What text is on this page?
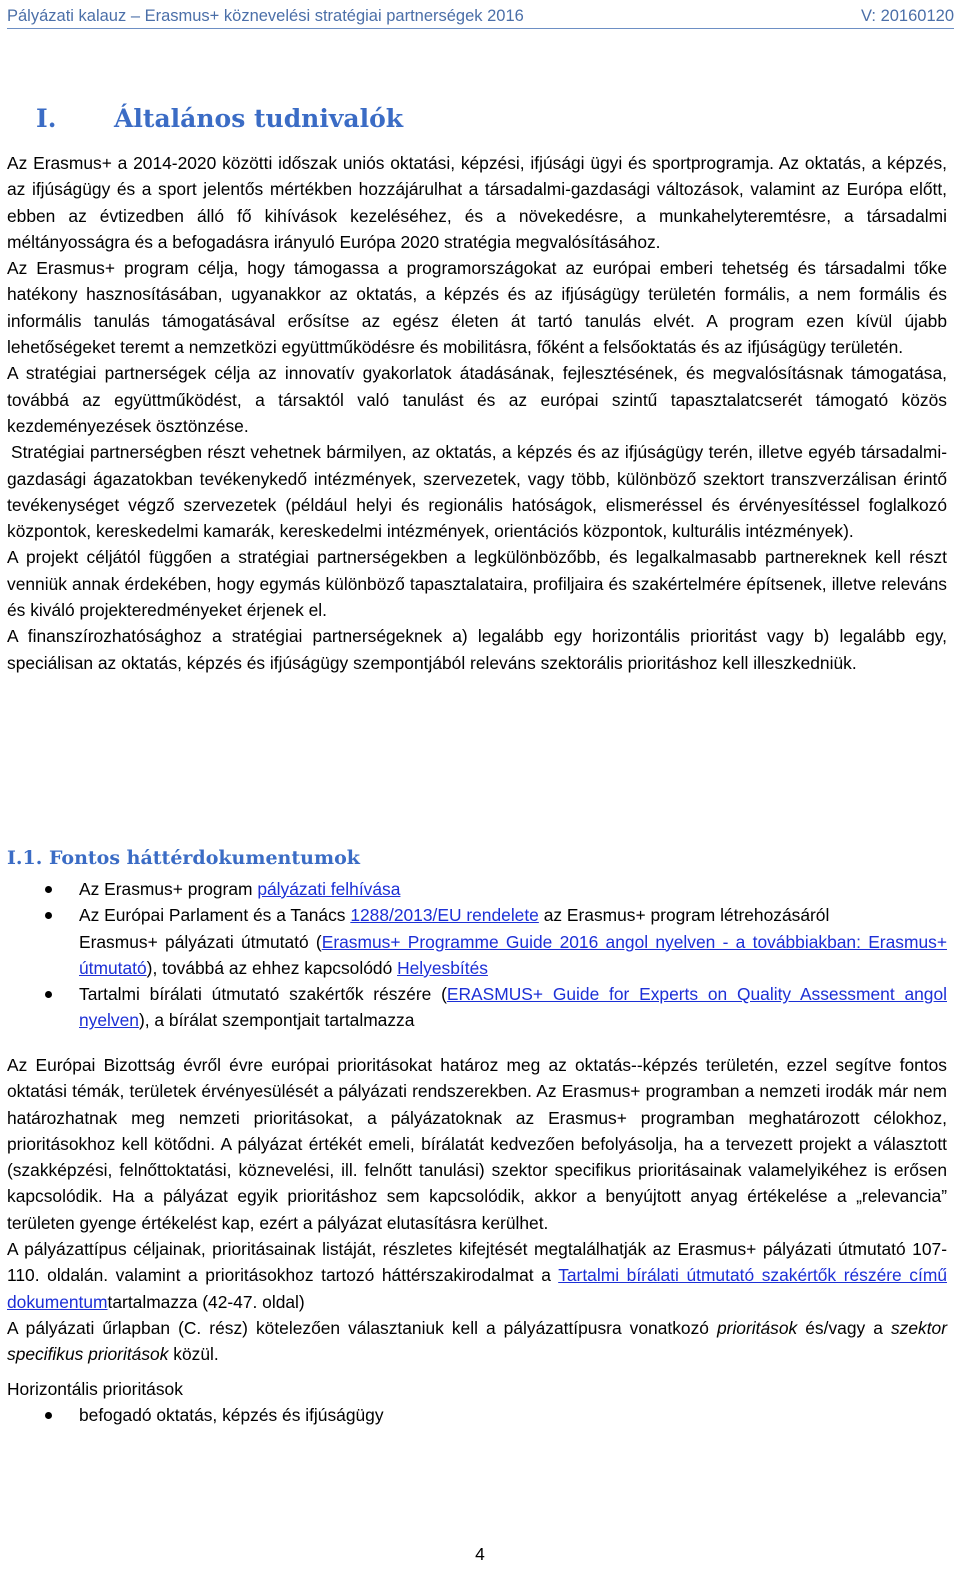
Pályázati kalauz – Erasmus+ köznevelési stratégiai partnerségek 2016	V: 20160120
I.	Általános tudnivalók

Az Erasmus+ a 2014-2020 közötti időszak uniós oktatási, képzési, ifjúsági ügyi és sportprogramja. Az oktatás, a képzés, az ifjúságügy és a sport jelentős mértékben hozzájárulhat a társadalmi-gazdasági változások, valamint az Európa előtt, ebben az évtizedben álló fő kihívások kezeléséhez, és a növekedésre, a munkahelyteremtésre, a társadalmi méltányosságra és a befogadásra irányuló Európa 2020 stratégia megvalósításához.

Az Erasmus+ program célja, hogy támogassa a programországokat az európai emberi tehetség és társadalmi tőke hatékony hasznosításában, ugyanakkor az oktatás, a képzés és az ifjúságügy területén formális, a nem formális és informális tanulás támogatásával erősítse az egész életen át tartó tanulás elvét. A program ezen kívül újabb lehetőségeket teremt a nemzetközi együttműködésre és mobilitásra, főként a felsőoktatás és az ifjúságügy területén.

A stratégiai partnerségek célja az innovatív gyakorlatok átadásának, fejlesztésének, és megvalósításnak támogatása, továbbá az együttműködést, a társaktól való tanulást és az európai szintű tapasztalatcserét támogató közös kezdeményezések ösztönzése.

Stratégiai partnerségben részt vehetnek bármilyen, az oktatás, a képzés és az ifjúságügy terén, illetve egyéb társadalmi-gazdasági ágazatokban tevékenykedő intézmények, szervezetek, vagy több, különböző szektort transzverzálisan érintő tevékenységet végző szervezetek (például helyi és regionális hatóságok, elismeréssel és érvényesítéssel foglalkozó központok, kereskedelmi kamarák, kereskedelmi intézmények, orientációs központok, kulturális intézmények).

A projekt céljától függően a stratégiai partnerségekben a legkülönbözőbb, és legalkalmasabb partnereknek kell részt venniük annak érdekében, hogy egymás különböző tapasztalataira, profiljaira és szakértelmére építsenek, illetve releváns és kiváló projekteredményeket érjenek el.

A finanszírozhatósághoz a stratégiai partnerségeknek a) legalább egy horizontális prioritást vagy b) legalább egy, speciálisan az oktatás, képzés és ifjúságügy szempontjából releváns szektorális prioritáshoz kell illeszkedniük.

I.1. Fontos háttérdokumentumok
Az Erasmus+ program pályázati felhívása
Az Európai Parlament és a Tanács 1288/2013/EU rendelete az Erasmus+ program létrehozásáról
Erasmus+ pályázati útmutató (Erasmus+ Programme Guide 2016 angol nyelven - a továbbiakban: Erasmus+ útmutató), továbbá az ehhez kapcsolódó Helyesbítés
Tartalmi bírálati útmutató szakértők részére (ERASMUS+ Guide for Experts on Quality Assessment angol nyelven), a bírálat szempontjait tartalmazza

Az Európai Bizottság évről évre európai prioritásokat határoz meg az oktatás--képzés területén, ezzel segítve fontos oktatási témák, területek érvényesülését a pályázati rendszerekben. Az Erasmus+ programban a nemzeti irodák már nem határozhatnak meg nemzeti prioritásokat, a pályázatoknak az Erasmus+ programban meghatározott célokhoz, prioritásokhoz kell kötődni. A pályázat értékét emeli, bírálatát kedvezően befolyásolja, ha a tervezett projekt a választott (szakképzési, felnőttoktatási, köznevelési, ill. felnőtt tanulási) szektor specifikus prioritásainak valamelyikéhez is erősen kapcsolódik. Ha a pályázat egyik prioritáshoz sem kapcsolódik, akkor a benyújtott anyag értékelése a „relevancia” területen gyenge értékelést kap, ezért a pályázat elutasításra kerülhet.

A pályázattípus céljainak, prioritásainak listáját, részletes kifejtését megtalálhatják az Erasmus+ pályázati útmutató 107-110. oldalán. valamint a prioritásokhoz tartozó háttérszakirodalmat a Tartalmi bírálati útmutató szakértők részére című dokumentumtartalmazza (42-47. oldal)

A pályázati űrlapban (C. rész) kötelezően választaniuk kell a pályázattípusra vonatkozó prioritások és/vagy a szektor specifikus prioritások közül.

Horizontális prioritások

befogadó oktatás, képzés és ifjúságügy
4
